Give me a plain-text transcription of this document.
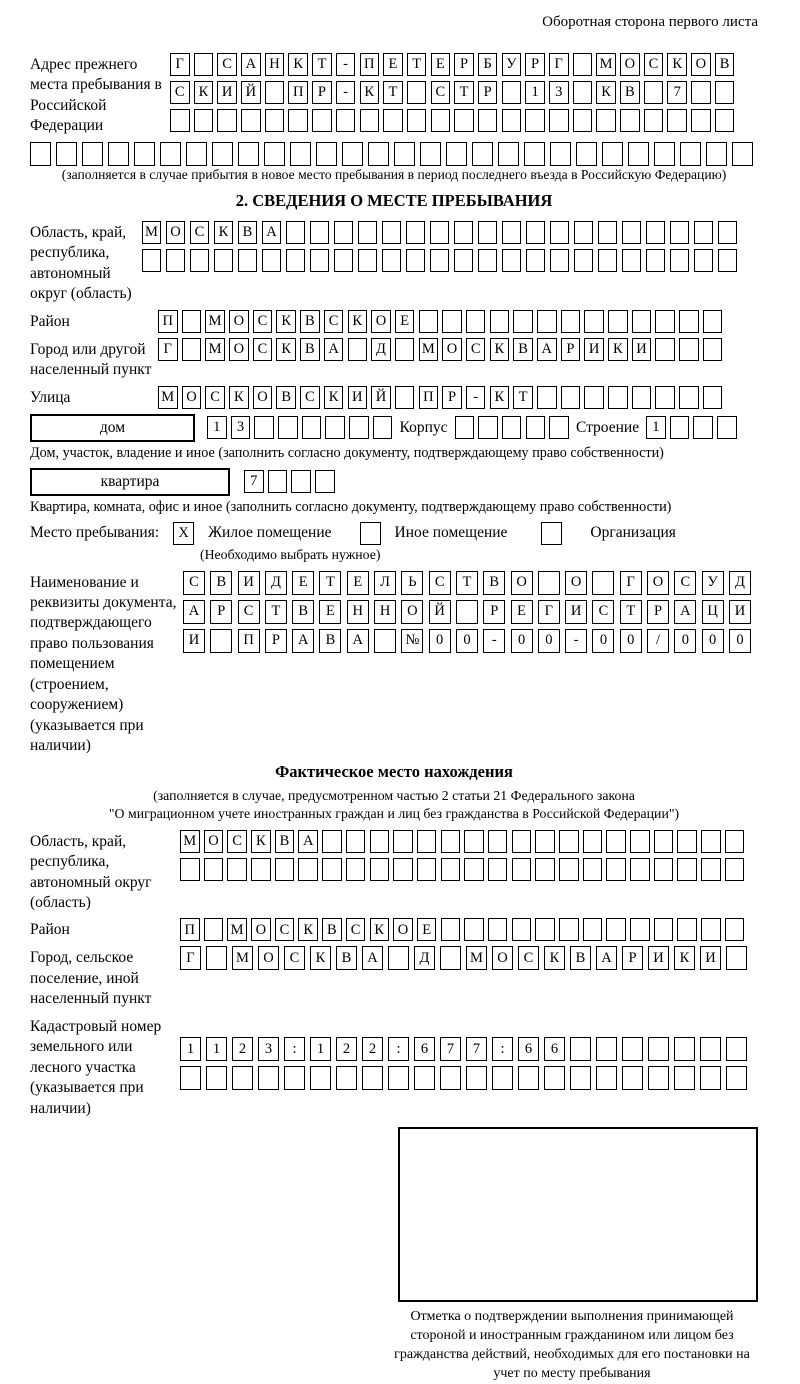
Оборотная сторона первого листа
Адрес прежнего места пребывания в Российской Федерации
Г	С А Н К Т	-	П Е	Т	Е	Р	Б У	Р	Г	М О С К О В
С К И Й	П Р	-	К Т	С Т	Р	1	3	К В	7
(заполняется в случае прибытия в новое место пребывания в период последнего въезда в Российскую Федерацию)
2. СВЕДЕНИЯ О МЕСТЕ ПРЕБЫВАНИЯ
Область, край, республика, автономный округ (область)
М О С К В А
Район	П	М О С К В С К О Е
Город или другой населенный пункт
Г	М О С К В А	Д	М О С К В А Р И К И
Улица	М О С К О В С К И Й	П Р	-	К Т
дом	1	3	Корпус	Строение 1
Дом, участок, владение и иное (заполнить согласно документу, подтверждающему право собственности)
квартира	7
Квартира, комната, офис и иное (заполнить согласно документу, подтверждающему право собственности)
Место пребывания:	X	Жилое помещение	Иное помещение	Организация
(Необходимо выбрать нужное)
Наименование и реквизиты документа, подтверждающего право пользования помещением (строением, сооружением) (указывается при наличии)
С	В	И	Д	Е	Т	Е	Л	Ь	С	Т	В	О	О	Г	О	С	У	Д
А	Р	С	Т	В	Е	Н	Н	О	Й	Р	Е	Г	И	С	Т	Р	А	Ц	И
И	П	Р	А	В	А	№	0	0	-	0	0	-	0	0	/	0	0	0
Фактическое место нахождения
(заполняется в случае, предусмотренном частью 2 статьи 21 Федерального закона
"О миграционном учете иностранных граждан и лиц без гражданства в Российской Федерации")
Область, край, республика, автономный округ (область)
М О С К В А
Район	П	М О С К В С К О Е
Город, сельское поселение, иной населенный пункт
Г	М О	С	К	В	А	Д	М О	С	К	В	А	Р	И	К	И
Кадастровый номер земельного или лесного участка (указывается при наличии)
1	1	2	3	:	1	2	2	:	6	7	7	:	6	6
Отметка о подтверждении выполнения принимающей стороной и иностранным гражданином или лицом без гражданства действий, необходимых для его постановки на учет по месту пребывания
